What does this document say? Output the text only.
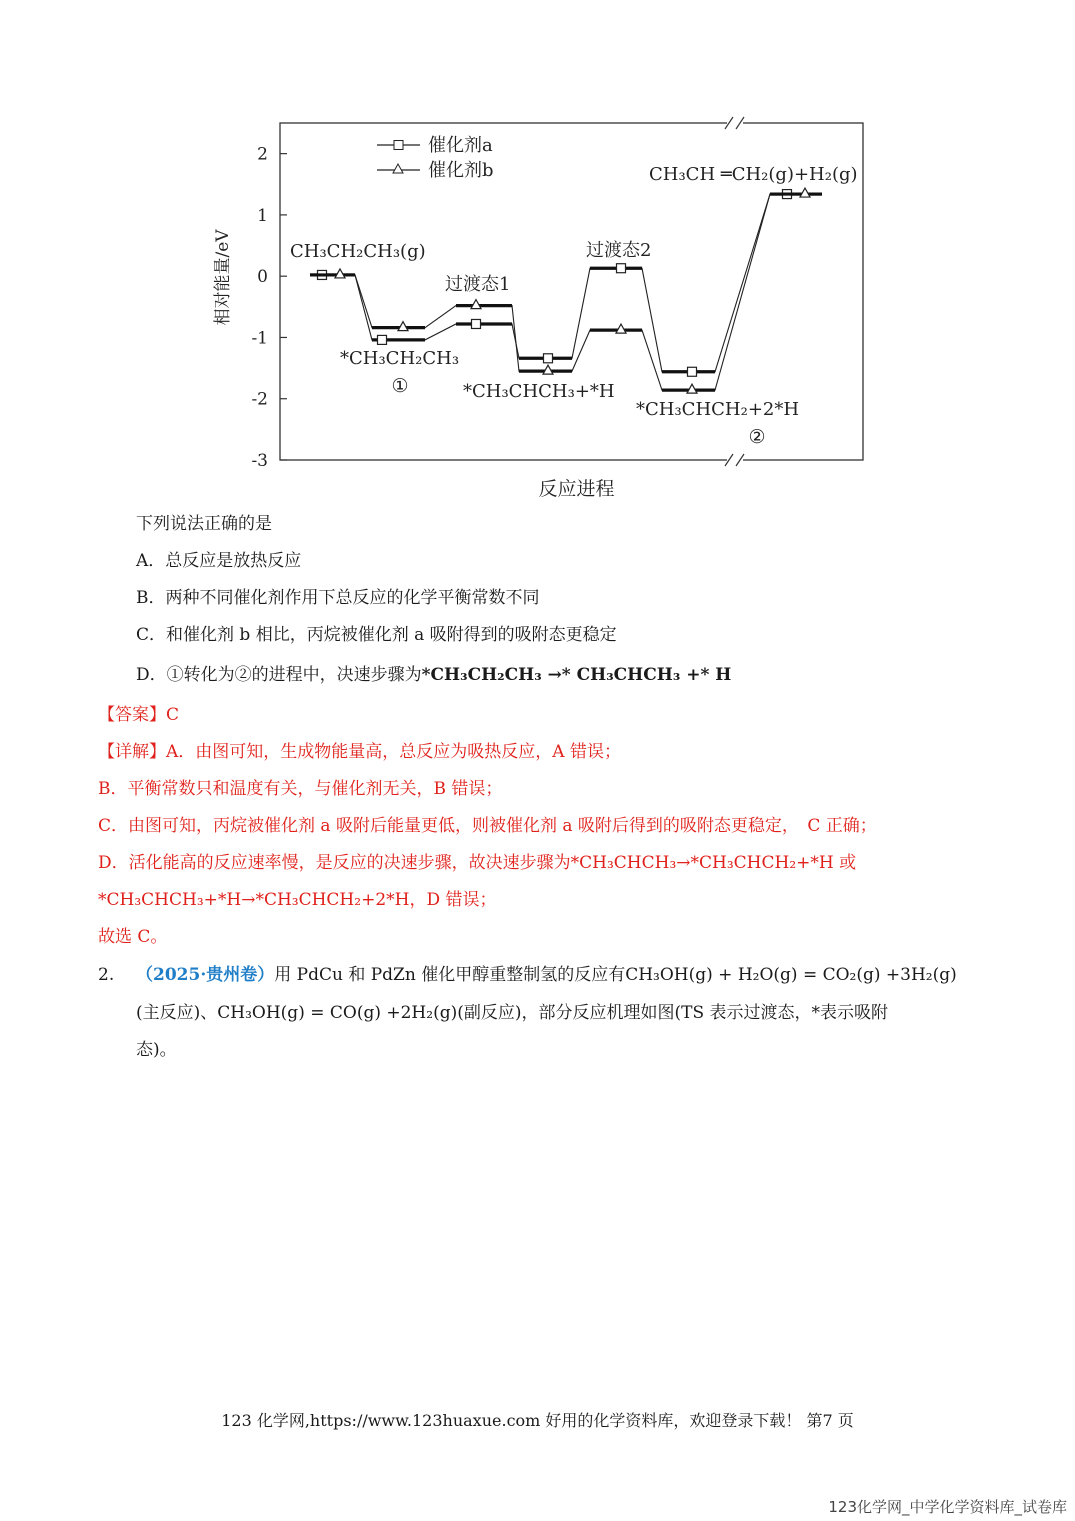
2
1
0
-1
-2
-3
相对能量/eV
反应进程
催化剂a
催化剂b
CH₃CH₂CH₃(g)
*CH₃CH₂CH₃
①
过渡态1
*CH₃CHCH₃+*H
过渡态2
*CH₃CHCH₂+2*H
②
CH₃CH ═CH₂(g)+H₂(g)
下列说法正确的是
A．总反应是放热反应
B．两种不同催化剂作用下总反应的化学平衡常数不同
C．和催化剂 b 相比，丙烷被催化剂 a 吸附得到的吸附态更稳定
D．①转化为②的进程中，决速步骤为*CH₃CH₂CH₃ →* CH₃CHCH₃ +* H
【答案】C
【详解】A．由图可知，生成物能量高，总反应为吸热反应，A 错误；
B．平衡常数只和温度有关，与催化剂无关，B 错误；
C．由图可知，丙烷被催化剂 a 吸附后能量更低，则被催化剂 a 吸附后得到的吸附态更稳定，　C 正确；
D．活化能高的反应速率慢，是反应的决速步骤，故决速步骤为*CH₃CHCH₃→*CH₃CHCH₂+*H 或
*CH₃CHCH₃+*H→*CH₃CHCH₂+2*H，D 错误；
故选 C。
2. （2025·贵州卷）用 PdCu 和 PdZn 催化甲醇重整制氢的反应有CH₃OH(g) + H₂O(g) = CO₂(g) +3H₂(g)
(主反应)、CH₃OH(g) = CO(g) +2H₂(g)(副反应)，部分反应机理如图(TS 表示过渡态，*表示吸附
态)。
123 化学网,https://www.123huaxue.com 好用的化学资料库，欢迎登录下载！ 第7 页
123化学网_中学化学资料库_试卷库
